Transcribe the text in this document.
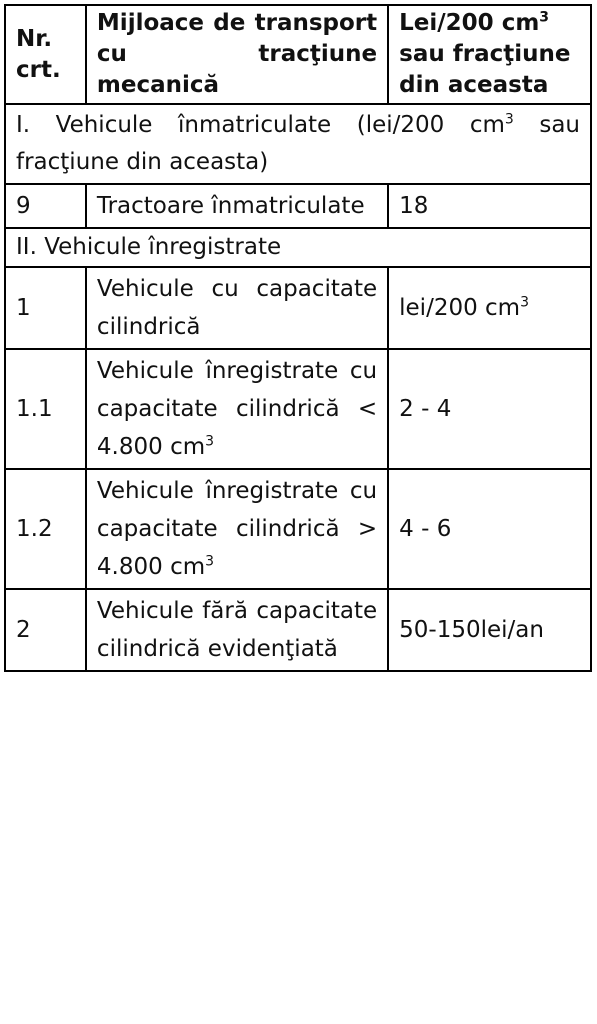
Nr. crt.	Mijloace de transport cu tracţiune mecanică	Lei/200 $cm^3$ sau fracţiune din aceasta
I. Vehicule înmatriculate (lei/200 $cm^3$ sau fracţiune din aceasta)		
9	Tractoare înmatriculate	18
II. Vehicule înregistrate		
1	Vehicule cu capacitate cilindrică	lei/200 $cm^3$
1.1	Vehicule înregistrate cu capacitate cilindrică < 4.800 $cm^3$	2 - 4
1.2	Vehicule înregistrate cu capacitate cilindrică > 4.800 $cm^3$	4 - 6
2	Vehicule fără capacitate cilindrică evidenţiată	50-150lei/an
